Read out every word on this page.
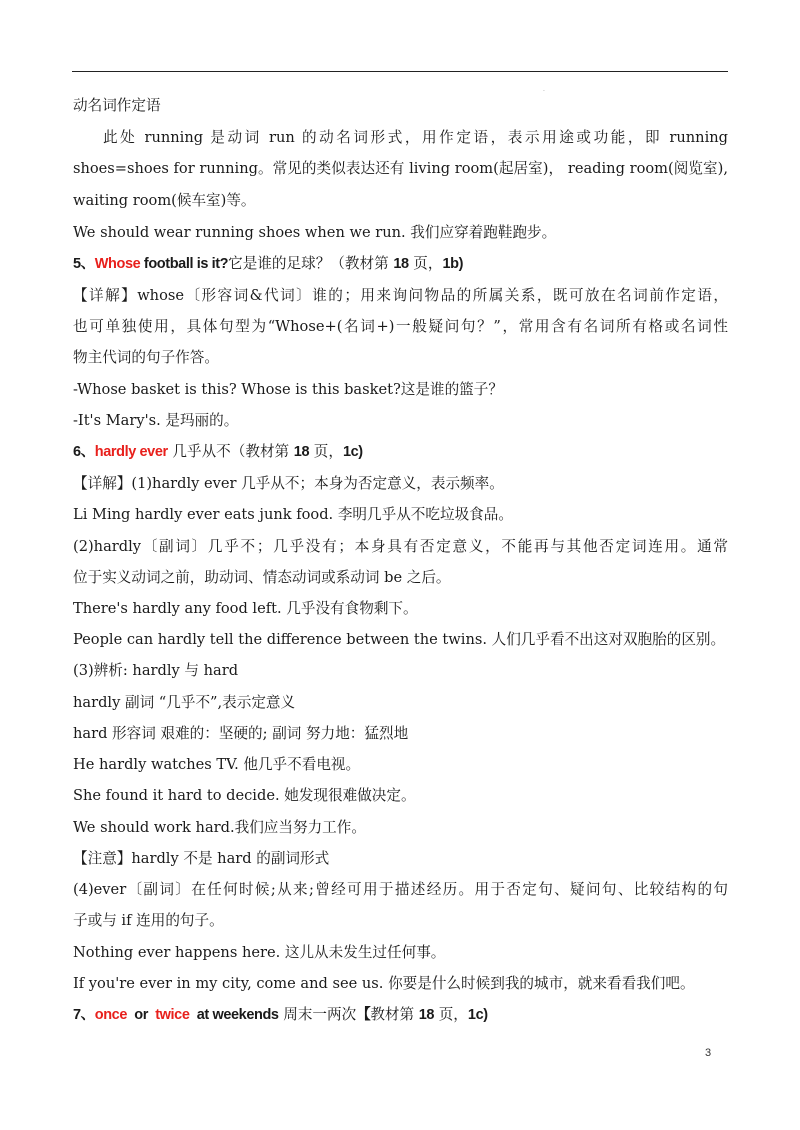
.
动名词作定语
此处 running 是动词 run 的动名词形式，用作定语，表示用途或功能，即 running
shoes=shoes for running。常见的类似表达还有 living room(起居室)， reading room(阅览室),
waiting room(候车室)等。
We should wear running shoes when we run. 我们应穿着跑鞋跑步。
5、Whose football is it?它是谁的足球？（教材第 18 页，1b)
【详解】whose〔形容词&代词〕谁的；用来询问物品的所属关系，既可放在名词前作定语，
也可单独使用，具体句型为“Whose+(名词+)一般疑问句？”，常用含有名词所有格或名词性
物主代词的句子作答。
-Whose basket is this? Whose is this basket?这是谁的篮子？
-It's Mary's. 是玛丽的。
6、hardly ever 几乎从不（教材第 18 页，1c)
【详解】(1)hardly ever 几乎从不；本身为否定意义，表示频率。
Li Ming hardly ever eats junk food. 李明几乎从不吃垃圾食品。
(2)hardly〔副词〕几乎不；几乎没有；本身具有否定意义，不能再与其他否定词连用。通常
位于实义动词之前，助动词、情态动词或系动词 be 之后。
There's hardly any food left. 几乎没有食物剩下。
People can hardly tell the difference between the twins. 人们几乎看不出这对双胞胎的区别。
(3)辨析: hardly 与 hard
hardly 副词 “几乎不”,表示定意义
hard 形容词 艰难的：坚硬的; 副词 努力地：猛烈地
He hardly watches TV. 他几乎不看电视。
She found it hard to decide. 她发现很难做决定。
We should work hard.我们应当努力工作。
【注意】hardly 不是 hard 的副词形式
(4)ever〔副词〕在任何时候;从来;曾经可用于描述经历。用于否定句、疑问句、比较结构的句
子或与 if 连用的句子。
Nothing ever happens here. 这儿从未发生过任何事。
If you're ever in my city, come and see us. 你要是什么时候到我的城市，就来看看我们吧。
7、once  or  twice  at weekends 周末一两次【教材第 18 页，1c)
3
